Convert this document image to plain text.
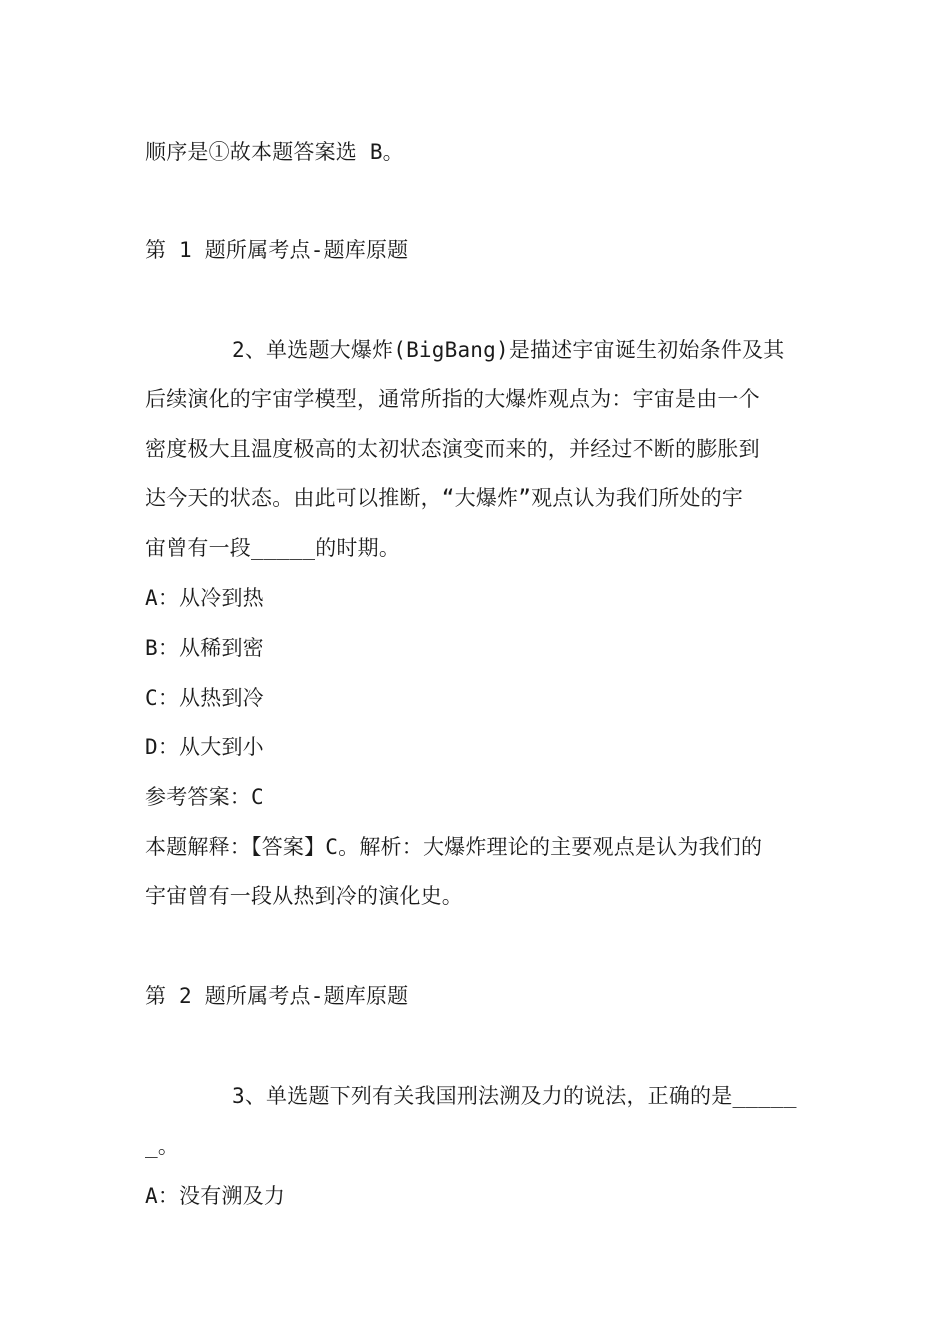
顺序是①故本题答案选 B。
第 1 题所属考点-题库原题
2、单选题大爆炸(BigBang)是描述宇宙诞生初始条件及其
后续演化的宇宙学模型，通常所指的大爆炸观点为：宇宙是由一个
密度极大且温度极高的太初状态演变而来的，并经过不断的膨胀到
达今天的状态。由此可以推断，“大爆炸”观点认为我们所处的宇
宙曾有一段_____的时期。
A：从冷到热
B：从稀到密
C：从热到冷
D：从大到小
参考答案：C
本题解释：【答案】C。解析：大爆炸理论的主要观点是认为我们的
宇宙曾有一段从热到冷的演化史。
第 2 题所属考点-题库原题
3、单选题下列有关我国刑法溯及力的说法，正确的是_____
_。
A：没有溯及力
